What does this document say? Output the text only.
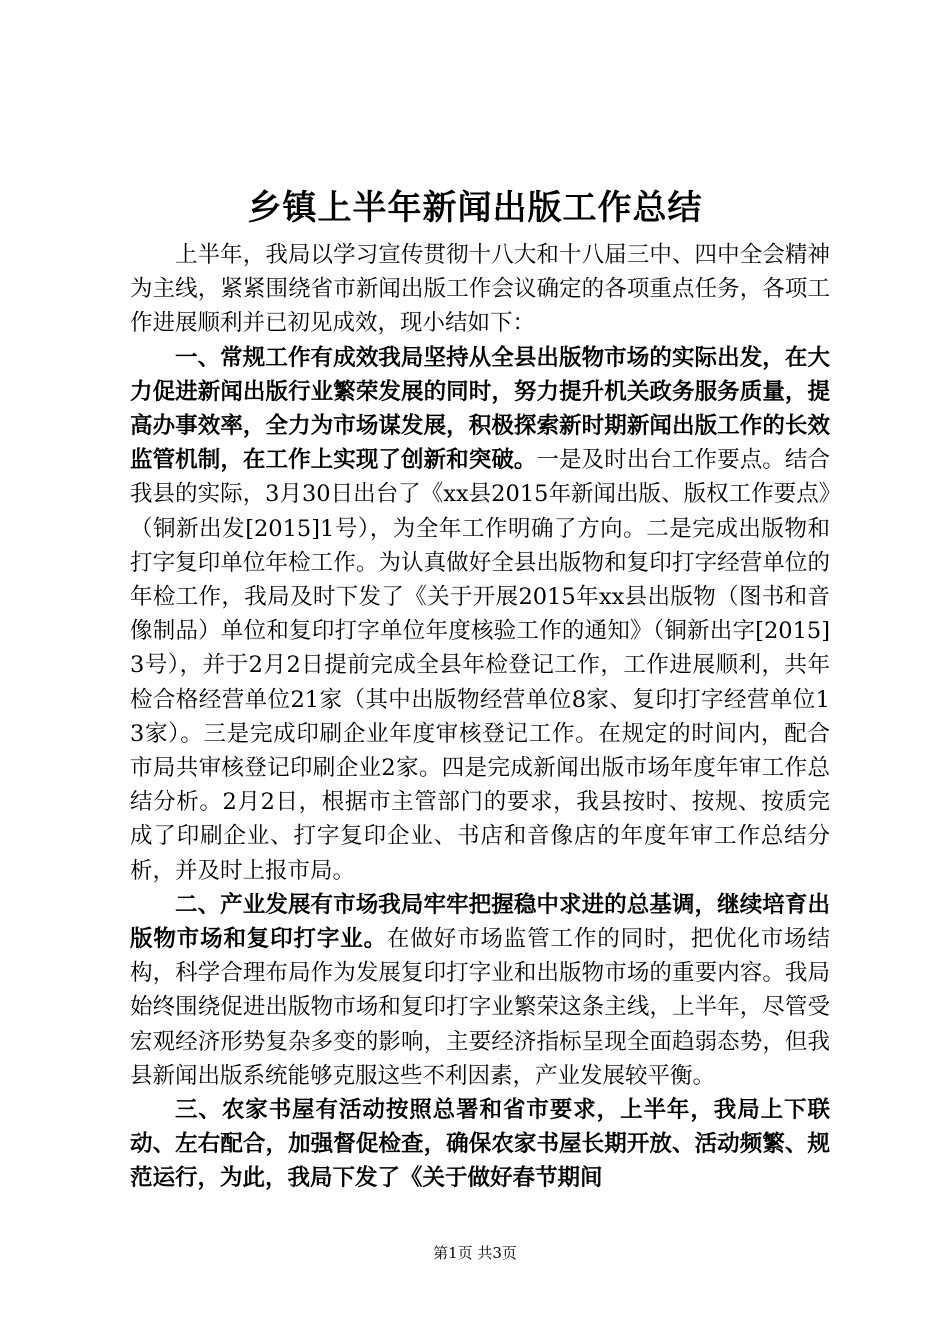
乡镇上半年新闻出版工作总结

上半年，我局以学习宣传贯彻十八大和十八届三中、四中全会精神为主线，紧紧围绕省市新闻出版工作会议确定的各项重点任务，各项工作进展顺利并已初见成效，现小结如下：

一、常规工作有成效我局坚持从全县出版物市场的实际出发，在大力促进新闻出版行业繁荣发展的同时，努力提升机关政务服务质量，提高办事效率，全力为市场谋发展，积极探索新时期新闻出版工作的长效监管机制，在工作上实现了创新和突破。一是及时出台工作要点。结合我县的实际，3月30日出台了《xx县2015年新闻出版、版权工作要点》（铜新出发[2015]1号），为全年工作明确了方向。二是完成出版物和打字复印单位年检工作。为认真做好全县出版物和复印打字经营单位的年检工作，我局及时下发了《关于开展2015年xx县出版物（图书和音像制品）单位和复印打字单位年度核验工作的通知》（铜新出字[2015]3号），并于2月2日提前完成全县年检登记工作，工作进展顺利，共年检合格经营单位21家（其中出版物经营单位8家、复印打字经营单位13家）。三是完成印刷企业年度审核登记工作。在规定的时间内，配合市局共审核登记印刷企业2家。四是完成新闻出版市场年度年审工作总结分析。2月2日，根据市主管部门的要求，我县按时、按规、按质完成了印刷企业、打字复印企业、书店和音像店的年度年审工作总结分析，并及时上报市局。

二、产业发展有市场我局牢牢把握稳中求进的总基调，继续培育出版物市场和复印打字业。在做好市场监管工作的同时，把优化市场结构，科学合理布局作为发展复印打字业和出版物市场的重要内容。我局始终围绕促进出版物市场和复印打字业繁荣这条主线，上半年，尽管受宏观经济形势复杂多变的影响，主要经济指标呈现全面趋弱态势，但我县新闻出版系统能够克服这些不利因素，产业发展较平衡。

三、农家书屋有活动按照总署和省市要求，上半年，我局上下联动、左右配合，加强督促检查，确保农家书屋长期开放、活动频繁、规范运行，为此，我局下发了《关于做好春节期间

第1页 共3页
